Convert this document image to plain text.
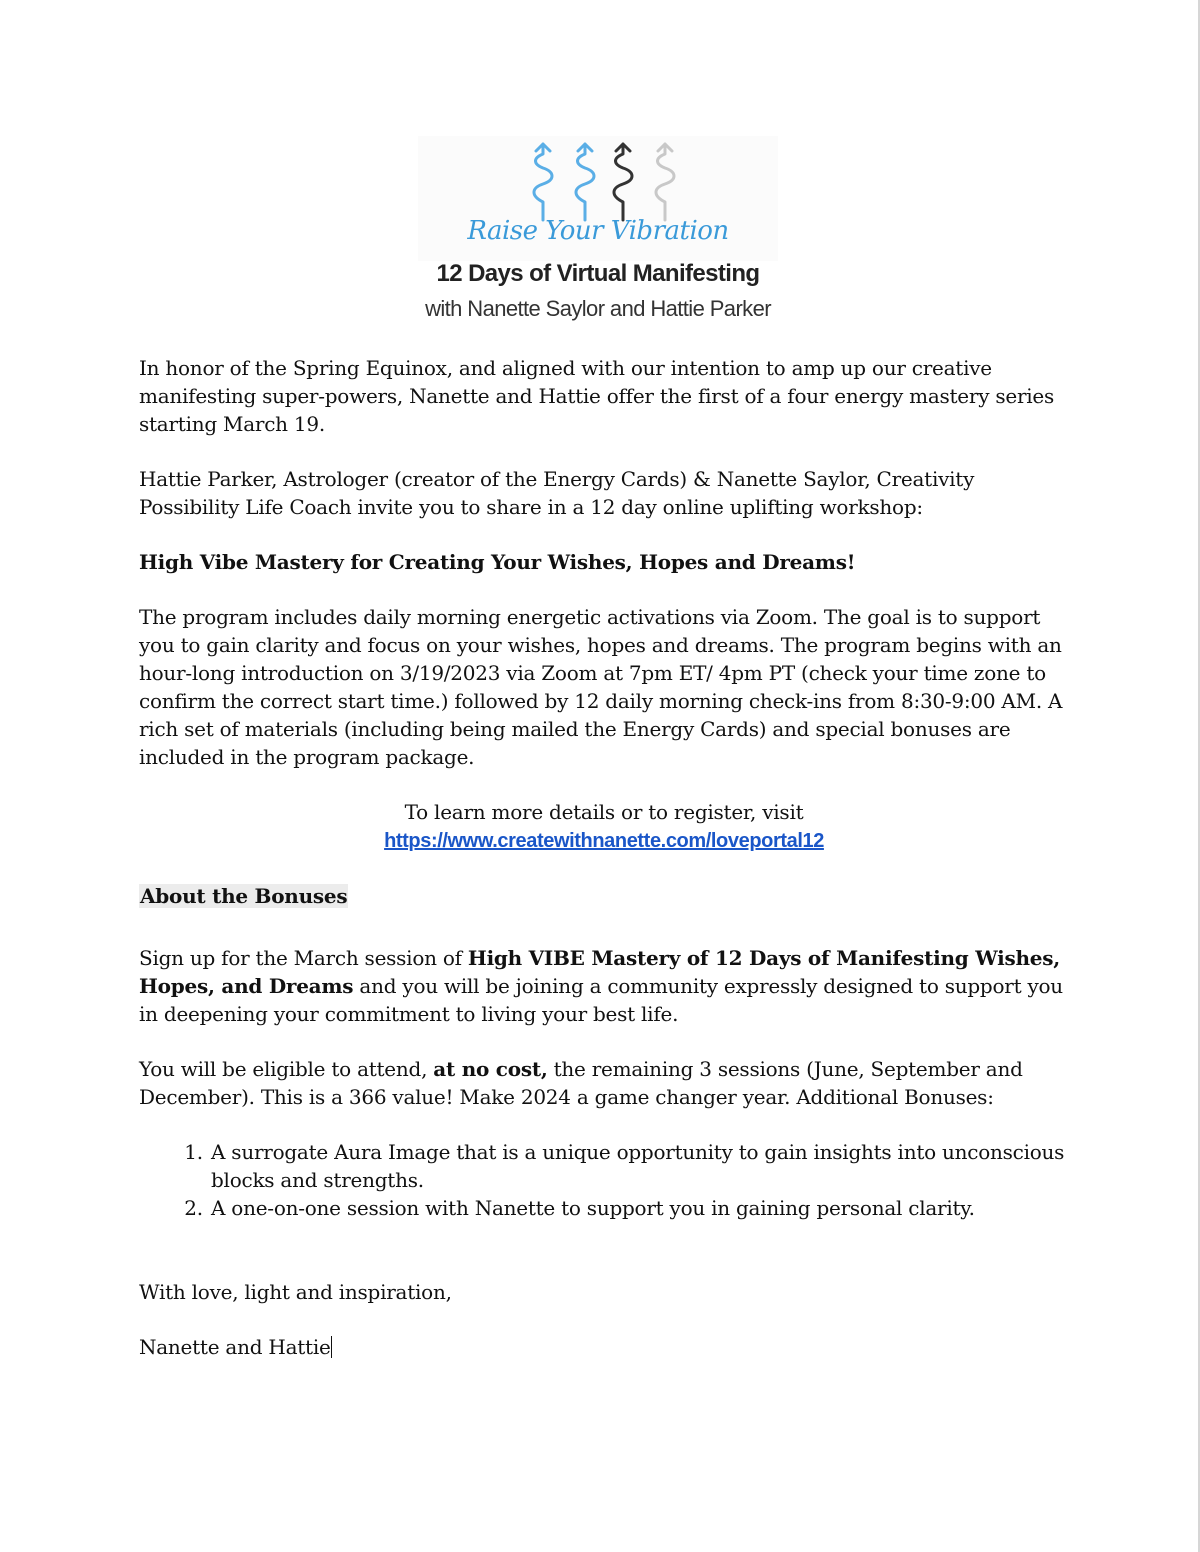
Raise Your Vibration
12 Days of Virtual Manifesting
with Nanette Saylor and Hattie Parker

In honor of the Spring Equinox, and aligned with our intention to amp up our creative manifesting super-powers, Nanette and Hattie offer the first of a four energy mastery series starting March 19.

Hattie Parker, Astrologer (creator of the Energy Cards) & Nanette Saylor, Creativity Possibility Life Coach invite you to share in a 12 day online uplifting workshop:

High Vibe Mastery for Creating Your Wishes, Hopes and Dreams!

The program includes daily morning energetic activations via Zoom. The goal is to support you to gain clarity and focus on your wishes, hopes and dreams. The program begins with an hour-long introduction on 3/19/2023 via Zoom at 7pm ET/ 4pm PT (check your time zone to confirm the correct start time.) followed by 12 daily morning check-ins from 8:30-9:00 AM. A rich set of materials (including being mailed the Energy Cards) and special bonuses are included in the program package.

To learn more details or to register, visit
https://www.createwithnanette.com/loveportal12

About the Bonuses

Sign up for the March session of High VIBE Mastery of 12 Days of Manifesting Wishes, Hopes, and Dreams and you will be joining a community expressly designed to support you in deepening your commitment to living your best life.

You will be eligible to attend, at no cost, the remaining 3 sessions (June, September and December). This is a 366 value! Make 2024 a game changer year. Additional Bonuses:

1. A surrogate Aura Image that is a unique opportunity to gain insights into unconscious blocks and strengths.
2. A one-on-one session with Nanette to support you in gaining personal clarity.

With love, light and inspiration,

Nanette and Hattie
